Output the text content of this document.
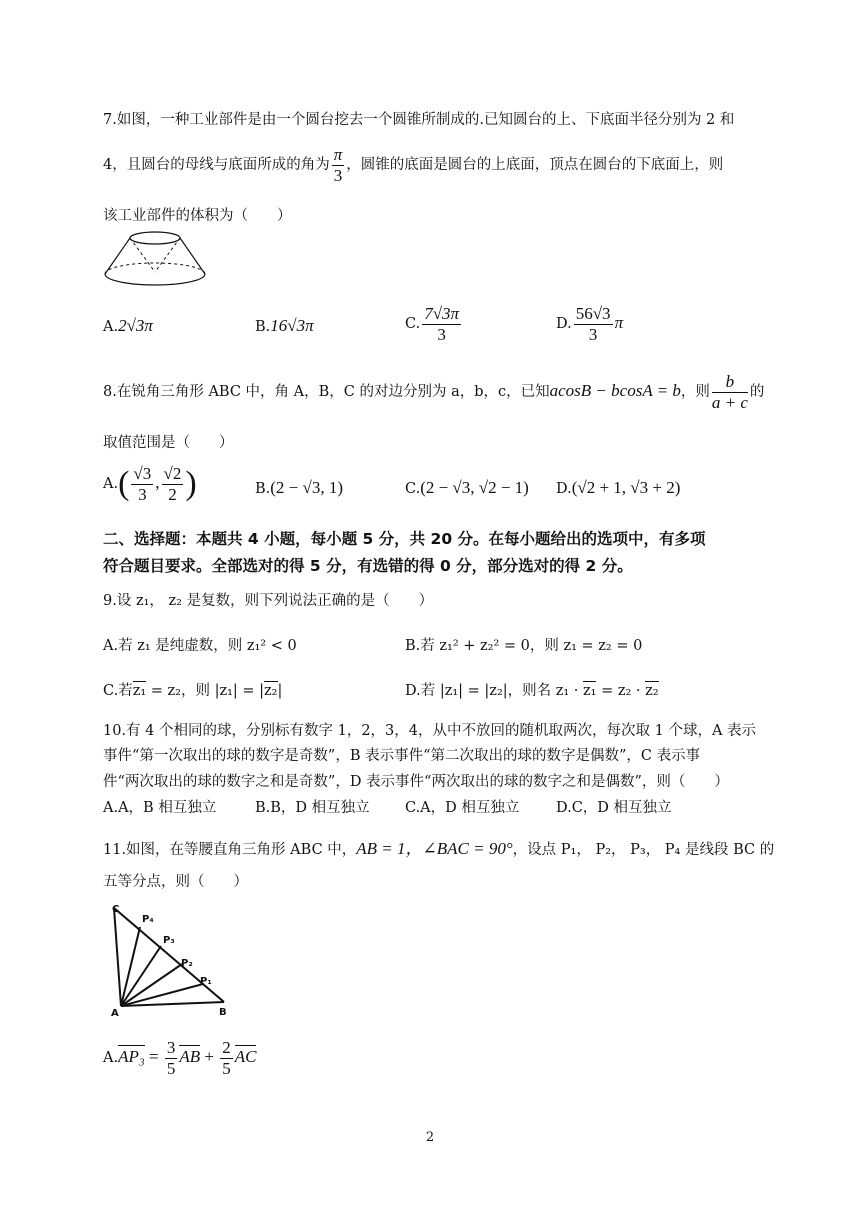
7.如图，一种工业部件是由一个圆台挖去一个圆锥所制成的.已知圆台的上、下底面半径分别为 2 和
4，且圆台的母线与底面所成的角为 $\frac{\pi}{3}$ ，圆锥的底面是圆台的上底面，顶点在圆台的下底面上，则
该工业部件的体积为（　　）
A.2√3π	B.16√3π	C. $\frac{7√3\pi}{3}$	D. $\frac{56√3}{3}$ π
8.在锐角三角形 ABC 中，角 A，B，C 的对边分别为 a，b，c，已知acosB − bcosA = b，则 $\frac{b}{a + c}$ 的
取值范围是（　　）
$A.( \frac{√3}{3}$ , $\frac{√2}{2}$ )	B.(2 − √3, 1)	C.(2 − √3, √2 − 1) D.(√2 + 1, √3 + 2)
二、选择题：本题共 4 小题，每小题 5 分，共 20 分。在每小题给出的选项中，有多项
符合题目要求。全部选对的得 5 分，有选错的得 0 分，部分选对的得 2 分。
9.设 z₁， z₂ 是复数，则下列说法正确的是（　　）
A.若 z₁ 是纯虚数，则 z₁² < 0	B.若 z₁² + z₂² = 0，则 z₁ = z₂ = 0
C.若z₁ = z₂，则 |z₁| = |z₂|	D.若 |z₁| = |z₂|，则名 z₁ · z₁ = z₂ · z₂
10.有 4 个相同的球，分别标有数字 1，2，3，4，从中不放回的随机取两次，每次取 1 个球，A 表示
事件“第一次取出的球的数字是奇数”，B 表示事件“第二次取出的球的数字是偶数”，C 表示事
件“两次取出的球的数字之和是奇数”，D 表示事件“两次取出的球的数字之和是偶数”，则（　　）
A.A，B 相互独立	B.B，D 相互独立 C.A，D 相互独立	D.C，D 相互独立
11.如图，在等腰直角三角形 ABC 中，AB = 1，∠BAC = 90°，设点 P₁， P₂， P₃， P₄ 是线段 BC 的
五等分点，则（　　）
C
A	B
P₄
P₃
P₂
P₁
$A.AP_3 = \frac{3}{5}$ AB + $\frac{2}{5}$ AC
2
